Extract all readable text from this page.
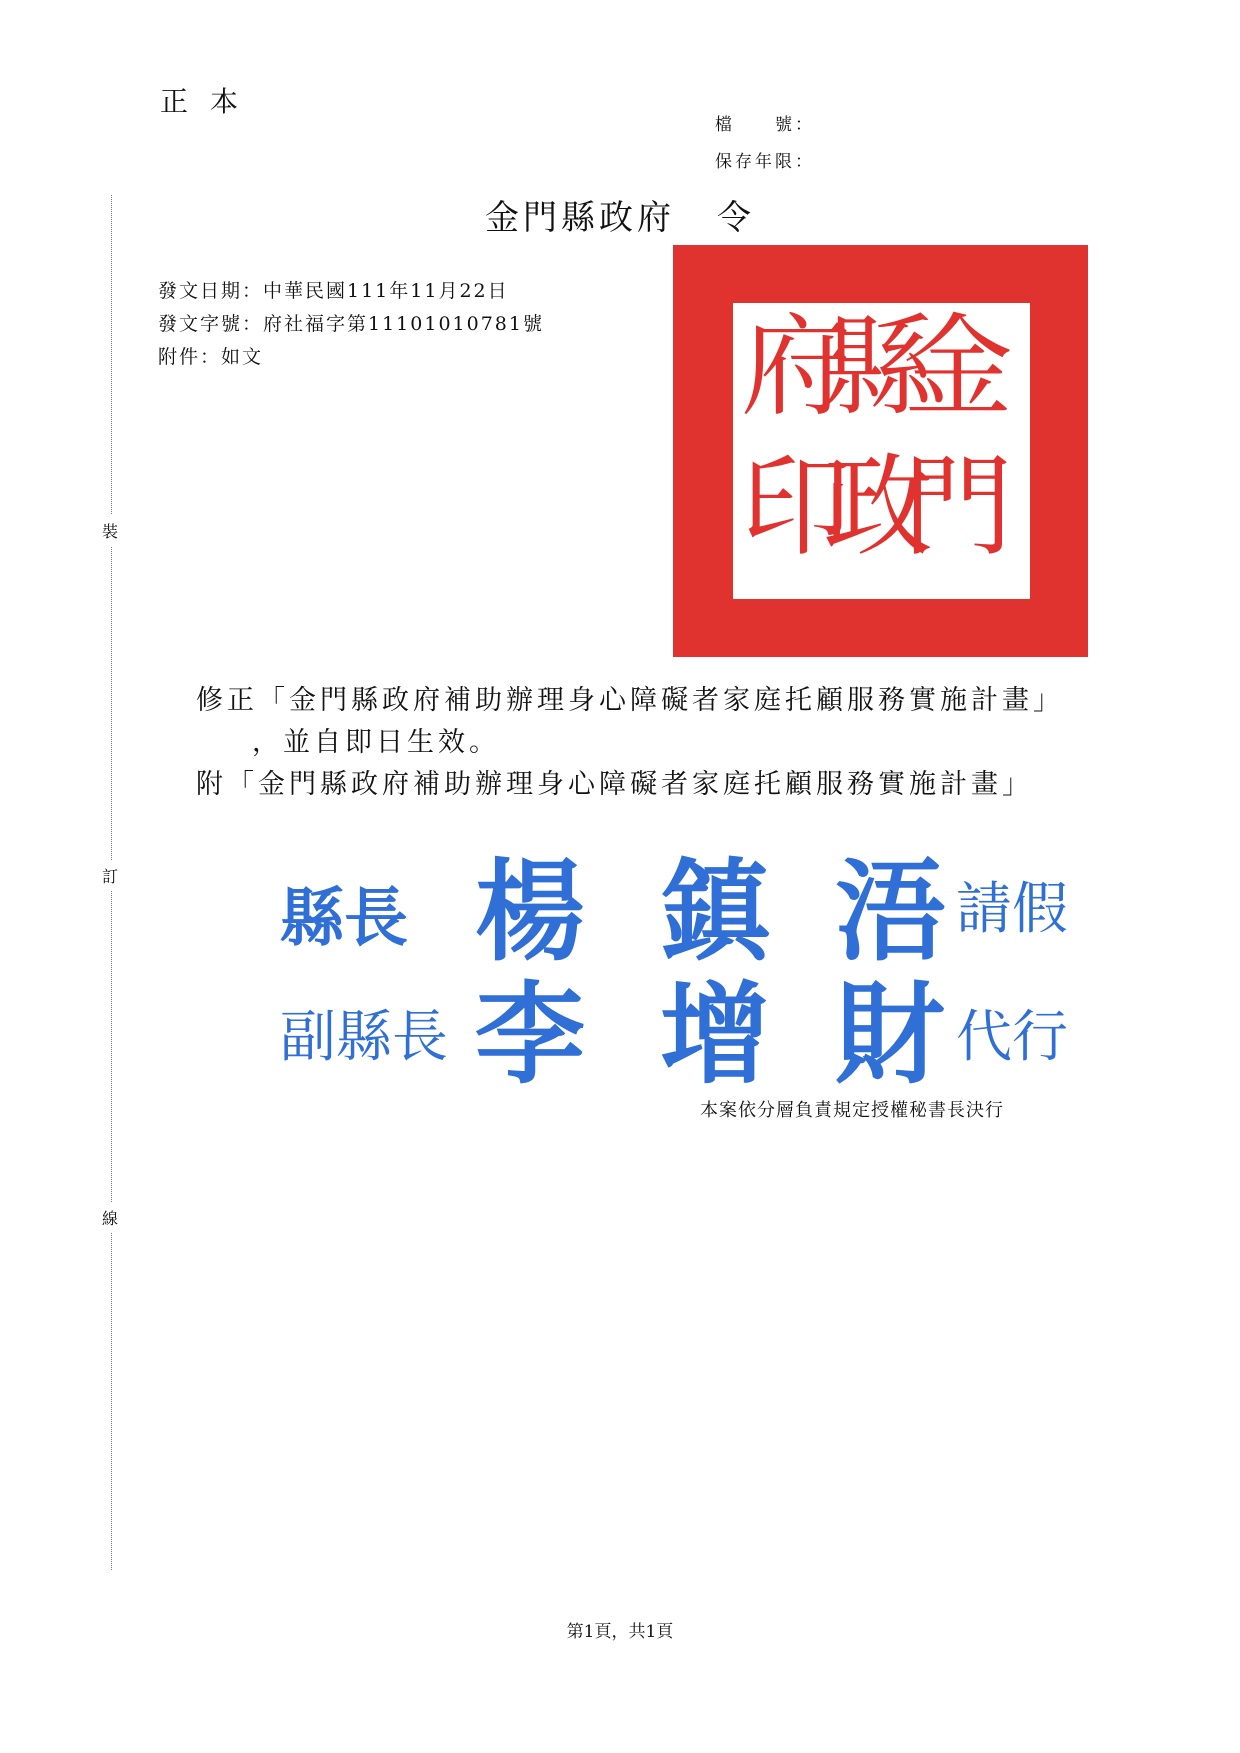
正本
檔　　號：
保存年限：
金門縣政府 令
發文日期：中華民國111年11月22日
發文字號：府社福字第11101010781號
附件：如文
裝
訂
線
金
門
縣
政
府
印
修正「金門縣政府補助辦理身心障礙者家庭托顧服務實施計畫」
，並自即日生效。
附「金門縣政府補助辦理身心障礙者家庭托顧服務實施計畫」
縣長 楊 鎮 浯 請假
副縣長 李 增 財 代行
本案依分層負責規定授權秘書長決行
第1頁，共1頁
